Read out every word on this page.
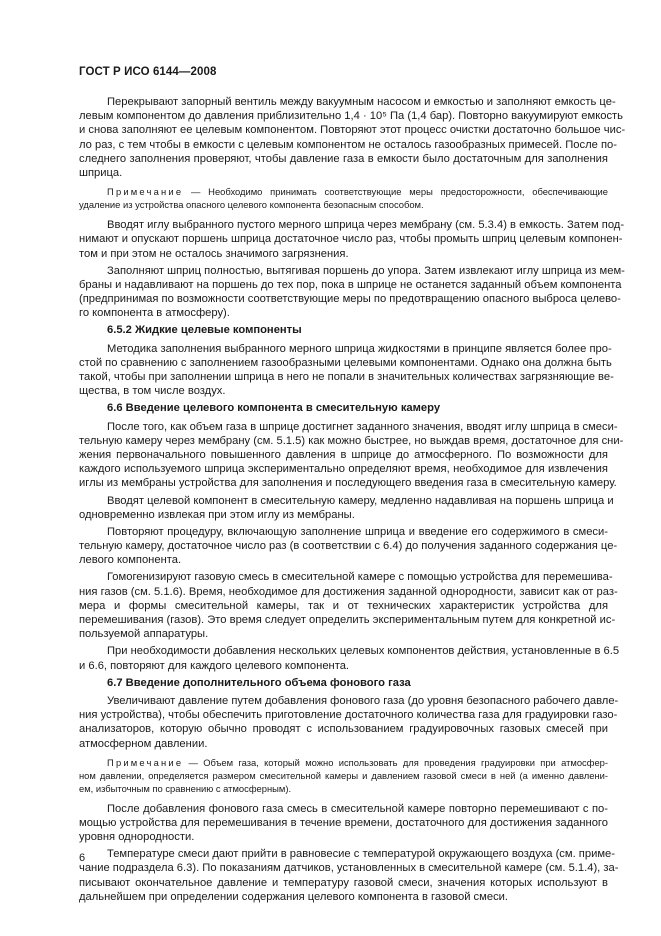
ГОСТ Р ИСО 6144—2008
Перекрывают запорный вентиль между вакуумным насосом и емкостью и заполняют емкость це-
левым компонентом до давления приблизительно 1,4 · 10⁵ Па (1,4 бар). Повторно вакуумируют емкость
и снова заполняют ее целевым компонентом. Повторяют этот процесс очистки достаточно большое чис-
ло раз, с тем чтобы в емкости с целевым компонентом не осталось газообразных примесей. После по-
следнего заполнения проверяют, чтобы давление газа в емкости было достаточным для заполнения
шприца.
Примечание — Необходимо принимать соответствующие меры предосторожности, обеспечивающие
удаление из устройства опасного целевого компонента безопасным способом.
Вводят иглу выбранного пустого мерного шприца через мембрану (см. 5.3.4) в емкость. Затем под-
нимают и опускают поршень шприца достаточное число раз, чтобы промыть шприц целевым компонен-
том и при этом не осталось значимого загрязнения.
Заполняют шприц полностью, вытягивая поршень до упора. Затем извлекают иглу шприца из мем-
браны и надавливают на поршень до тех пор, пока в шприце не останется заданный объем компонента
(предпринимая по возможности соответствующие меры по предотвращению опасного выброса целево-
го компонента в атмосферу).
6.5.2 Жидкие целевые компоненты
Методика заполнения выбранного мерного шприца жидкостями в принципе является более про-
стой по сравнению с заполнением газообразными целевыми компонентами. Однако она должна быть
такой, чтобы при заполнении шприца в него не попали в значительных количествах загрязняющие ве-
щества, в том числе воздух.
6.6 Введение целевого компонента в смесительную камеру
После того, как объем газа в шприце достигнет заданного значения, вводят иглу шприца в смеси-
тельную камеру через мембрану (см. 5.1.5) как можно быстрее, но выждав время, достаточное для сни-
жения первоначального повышенного давления в шприце до атмосферного. По возможности для
каждого используемого шприца экспериментально определяют время, необходимое для извлечения
иглы из мембраны устройства для заполнения и последующего введения газа в смесительную камеру.
Вводят целевой компонент в смесительную камеру, медленно надавливая на поршень шприца и
одновременно извлекая при этом иглу из мембраны.
Повторяют процедуру, включающую заполнение шприца и введение его содержимого в смеси-
тельную камеру, достаточное число раз (в соответствии с 6.4) до получения заданного содержания це-
левого компонента.
Гомогенизируют газовую смесь в смесительной камере с помощью устройства для перемешива-
ния газов (см. 5.1.6). Время, необходимое для достижения заданной однородности, зависит как от раз-
мера и формы смесительной камеры, так и от технических характеристик устройства для
перемешивания (газов). Это время следует определить экспериментальным путем для конкретной ис-
пользуемой аппаратуры.
При необходимости добавления нескольких целевых компонентов действия, установленные в 6.5
и 6.6, повторяют для каждого целевого компонента.
6.7 Введение дополнительного объема фонового газа
Увеличивают давление путем добавления фонового газа (до уровня безопасного рабочего давле-
ния устройства), чтобы обеспечить приготовление достаточного количества газа для градуировки газо-
анализаторов, которую обычно проводят с использованием градуировочных газовых смесей при
атмосферном давлении.
Примечание — Объем газа, который можно использовать для проведения градуировки при атмосфер-
ном давлении, определяется размером смесительной камеры и давлением газовой смеси в ней (а именно давлени-
ем, избыточным по сравнению с атмосферным).
После добавления фонового газа смесь в смесительной камере повторно перемешивают с по-
мощью устройства для перемешивания в течение времени, достаточного для достижения заданного
уровня однородности.
Температуре смеси дают прийти в равновесие с температурой окружающего воздуха (см. приме-
чание подраздела 6.3). По показаниям датчиков, установленных в смесительной камере (см. 5.1.4), за-
писывают окончательное давление и температуру газовой смеси, значения которых используют в
дальнейшем при определении содержания целевого компонента в газовой смеси.
6
